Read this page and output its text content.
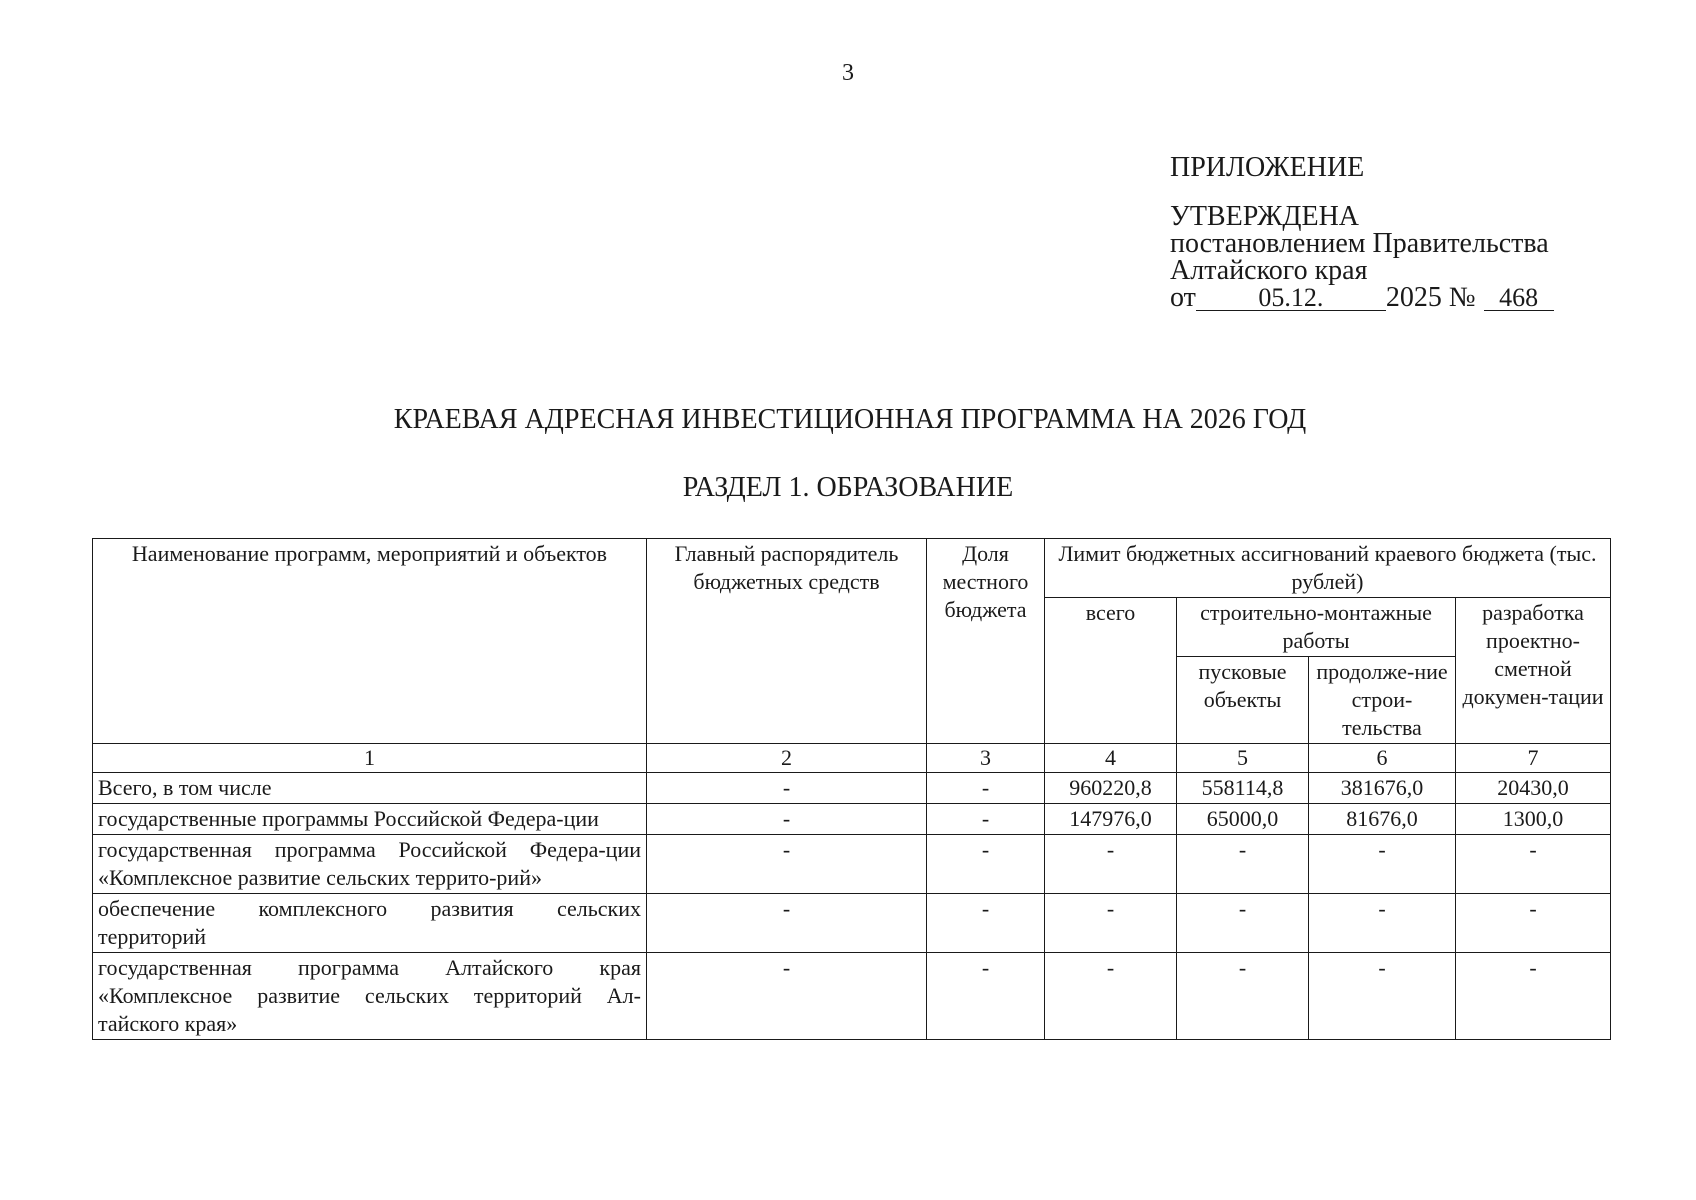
3
ПРИЛОЖЕНИЕ
УТВЕРЖДЕНА
постановлением Правительства
Алтайского края
от	05.12.	2025 № 468
КРАЕВАЯ АДРЕСНАЯ ИНВЕСТИЦИОННАЯ ПРОГРАММА НА 2026 ГОД
РАЗДЕЛ 1. ОБРАЗОВАНИЕ
Наименование программ, мероприятий и объектов	Главный распорядитель бюджетных средств	Доля местного бюджета	Лимит бюджетных ассигнований краевого бюджета (тыс. рублей)			
			всего	строительно-монтажные работы		разработка проектно-сметной докумен-тации
				пусковые объекты	продолже-ние строи-тельства	
1	2	3	4	5	6	7
Всего, в том числе	-	-	960220,8	558114,8	381676,0	20430,0
государственные программы Российской Федера-ции	-	-	147976,0	65000,0	81676,0	1300,0
государственная программа Российской Федера-ции «Комплексное развитие сельских террито-рий»	-	-	-	-	-	-
обеспечение комплексного развития сельских территорий	-	-	-	-	-	-
государственная программа Алтайского края «Комплексное развитие сельских территорий Ал-тайского края»	-	-	-	-	-	-
